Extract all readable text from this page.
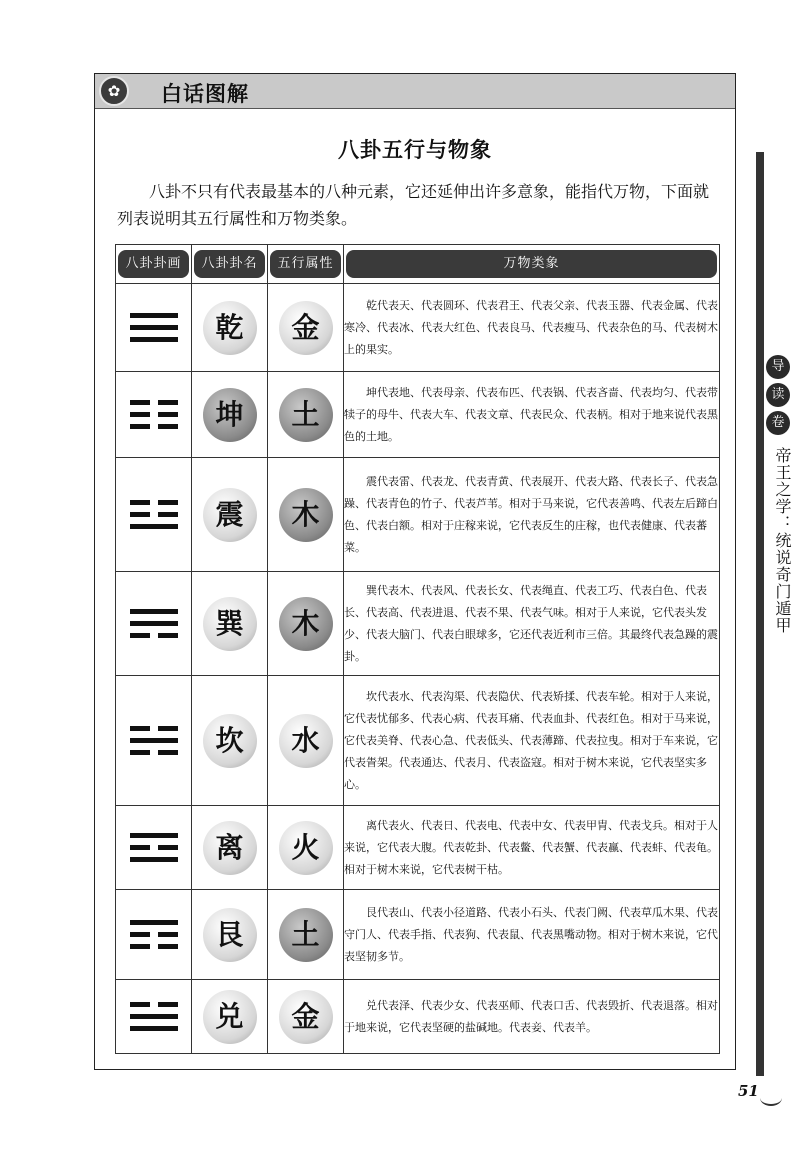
✿	白话图解
八卦五行与物象

八卦不只有代表最基本的八种元素，它还延伸出许多意象，能指代万物，下面就列表说明其五行属性和万物类象。

八卦卦画	八卦卦名	五行属性	万物类象

	乾	金	乾代表天、代表圆环、代表君王、代表父亲、代表玉器、代表金属、代表寒冷、代表冰、代表大红色、代表良马、代表瘦马、代表杂色的马、代表树木上的果实。

	坤	土	坤代表地、代表母亲、代表布匹、代表锅、代表吝啬、代表均匀、代表带犊子的母牛、代表大车、代表文章、代表民众、代表柄。相对于地来说代表黑色的土地。

	震	木	震代表雷、代表龙、代表青黄、代表展开、代表大路、代表长子、代表急躁、代表青色的竹子、代表芦苇。相对于马来说，它代表善鸣、代表左后蹄白色、代表白额。相对于庄稼来说，它代表反生的庄稼，也代表健康、代表蕃菜。

	巽	木	巽代表木、代表风、代表长女、代表绳直、代表工巧、代表白色、代表长、代表高、代表进退、代表不果、代表气味。相对于人来说，它代表头发少、代表大脑门、代表白眼球多，它还代表近利市三倍。其最终代表急躁的震卦。

	坎	水	坎代表水、代表沟渠、代表隐伏、代表矫揉、代表车轮。相对于人来说，它代表忧郁多、代表心病、代表耳痛、代表血卦、代表红色。相对于马来说，它代表美脊、代表心急、代表低头、代表薄蹄、代表拉曳。相对于车来说，它代表眚架。代表通达、代表月、代表盗寇。相对于树木来说，它代表坚实多心。

	离	火	离代表火、代表日、代表电、代表中女、代表甲胄、代表戈兵。相对于人来说，它代表大腹。代表乾卦、代表鳖、代表蟹、代表蠃、代表蚌、代表龟。相对于树木来说，它代表树干枯。

	艮	土	艮代表山、代表小径道路、代表小石头、代表门阙、代表草瓜木果、代表守门人、代表手指、代表狗、代表鼠、代表黑嘴动物。相对于树木来说，它代表坚韧多节。

	兑	金	兑代表泽、代表少女、代表巫师、代表口舌、代表毁折、代表退落。相对于地来说，它代表坚硬的盐碱地。代表妾、代表羊。

导
读
卷
帝王之学：统说奇门遁甲
51
